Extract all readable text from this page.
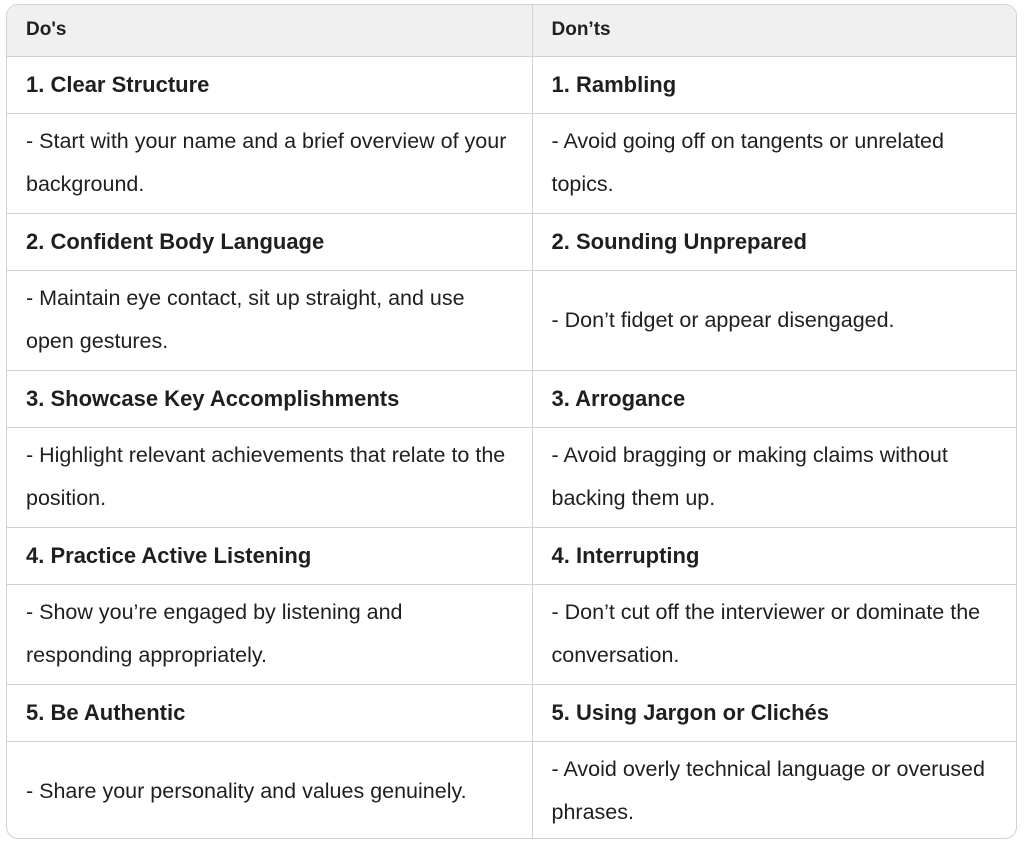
Do's	Don’ts
1. Clear Structure	1. Rambling
- Start with your name and a brief overview of your background.	- Avoid going off on tangents or unrelated topics.
2. Confident Body Language	2. Sounding Unprepared
- Maintain eye contact, sit up straight, and use open gestures.	- Don’t fidget or appear disengaged.
3. Showcase Key Accomplishments	3. Arrogance
- Highlight relevant achievements that relate to the position.	- Avoid bragging or making claims without backing them up.
4. Practice Active Listening	4. Interrupting
- Show you’re engaged by listening and responding appropriately.	- Don’t cut off the interviewer or dominate the conversation.
5. Be Authentic	5. Using Jargon or Clichés
- Share your personality and values genuinely.	- Avoid overly technical language or overused phrases.
